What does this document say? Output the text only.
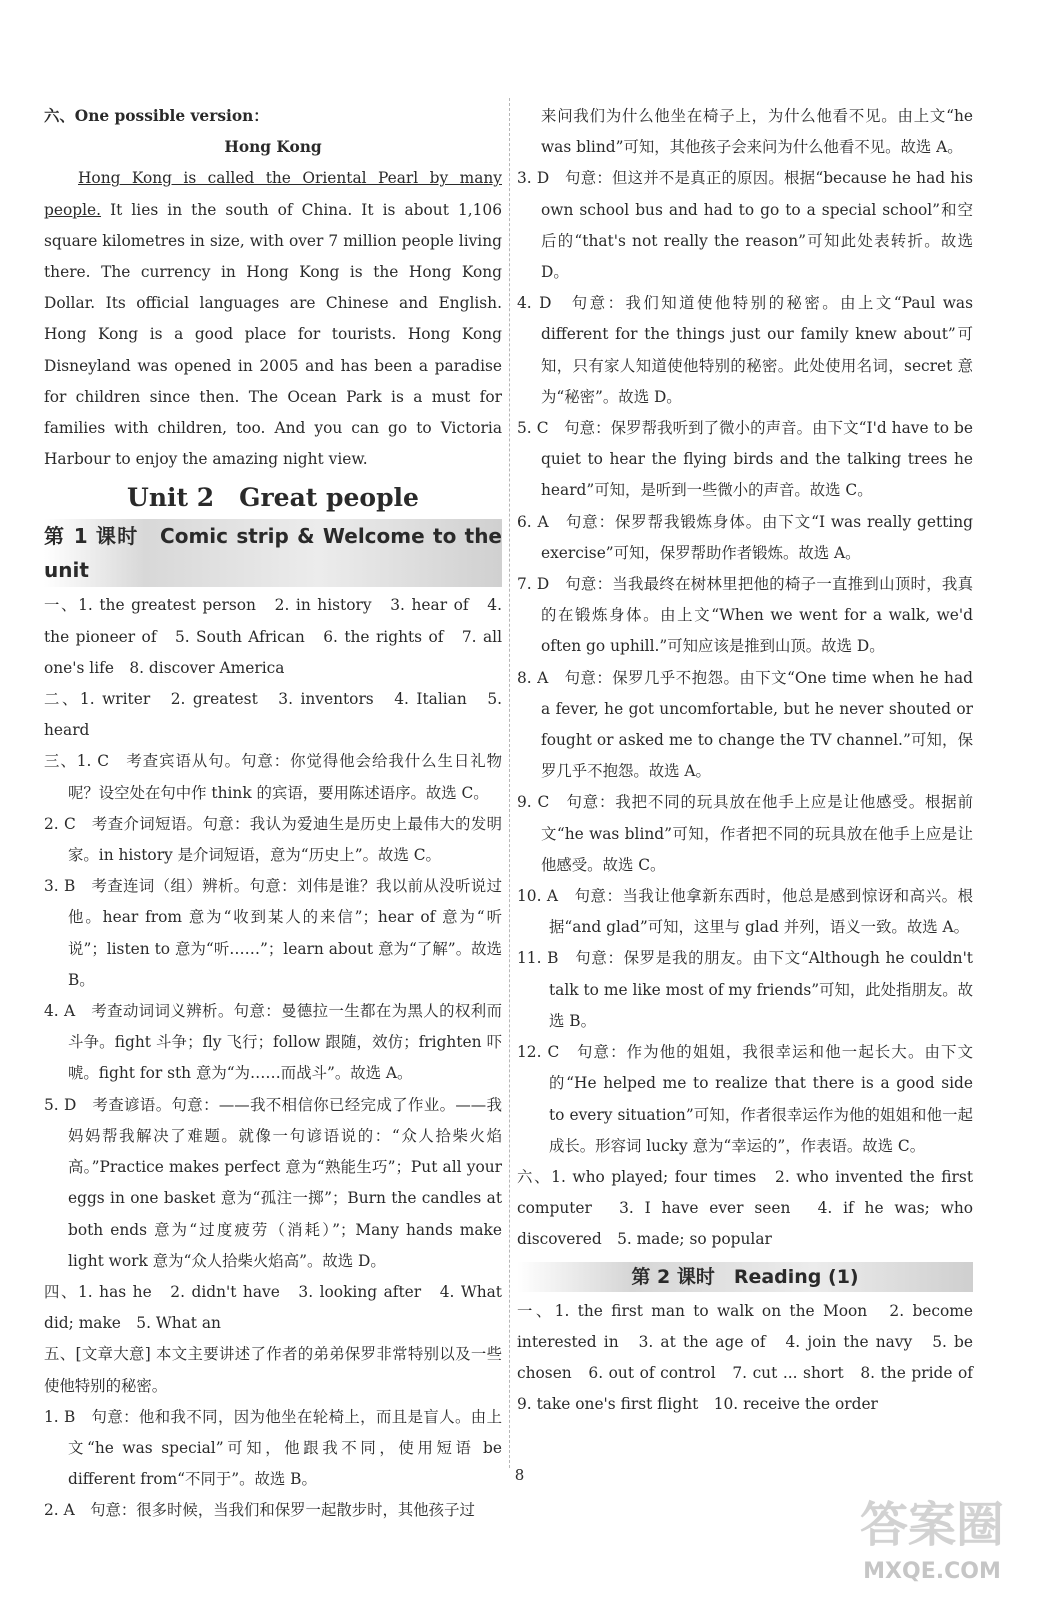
六、One possible version：

Hong Kong

Hong Kong is called the Oriental Pearl by many people. It lies in the south of China. It is about 1,106 square kilometres in size, with over 7 million people living there. The currency in Hong Kong is the Hong Kong Dollar. Its official languages are Chinese and English. Hong Kong is a good place for tourists. Hong Kong Disneyland was opened in 2005 and has been a paradise for children since then. The Ocean Park is a must for families with children, too. And you can go to Victoria Harbour to enjoy the amazing night view.

Unit 2　Great people

第 1 课时　Comic strip & Welcome to the unit

一、1. the greatest person　2. in history　3. hear of　4. the pioneer of　5. South African　6. the rights of　7. all one's life　8. discover America

二、1. writer　2. greatest　3. inventors　4. Italian　5. heard

三、1. C　考查宾语从句。句意：你觉得他会给我什么生日礼物呢？设空处在句中作 think 的宾语，要用陈述语序。故选 C。

2. C　考查介词短语。句意：我认为爱迪生是历史上最伟大的发明家。in history 是介词短语，意为“历史上”。故选 C。

3. B　考查连词（组）辨析。句意：刘伟是谁？我以前从没听说过他。hear from 意为“收到某人的来信”；hear of 意为“听说”；listen to 意为“听……”；learn about 意为“了解”。故选 B。

4. A　考查动词词义辨析。句意：曼德拉一生都在为黑人的权利而斗争。fight 斗争；fly 飞行；follow 跟随，效仿；frighten 吓唬。fight for sth 意为“为……而战斗”。故选 A。

5. D　考查谚语。句意：——我不相信你已经完成了作业。——我妈妈帮我解决了难题。就像一句谚语说的：“众人拾柴火焰高。”Practice makes perfect 意为“熟能生巧”；Put all your eggs in one basket 意为“孤注一掷”；Burn the candles at both ends 意为“过度疲劳（消耗）”；Many hands make light work 意为“众人拾柴火焰高”。故选 D。

四、1. has he　2. didn't have　3. looking after　4. What did; make　5. What an

五、[文章大意] 本文主要讲述了作者的弟弟保罗非常特别以及一些使他特别的秘密。

1. B　句意：他和我不同，因为他坐在轮椅上，而且是盲人。由上文“he was special”可知，他跟我不同，使用短语 be different from“不同于”。故选 B。

2. A　句意：很多时候，当我们和保罗一起散步时，其他孩子过

来问我们为什么他坐在椅子上，为什么他看不见。由上文“he was blind”可知，其他孩子会来问为什么他看不见。故选 A。

3. D　句意：但这并不是真正的原因。根据“because he had his own school bus and had to go to a special school”和空后的“that's not really the reason”可知此处表转折。故选 D。

4. D　句意：我们知道使他特别的秘密。由上文“Paul was different for the things just our family knew about”可知，只有家人知道使他特别的秘密。此处使用名词，secret 意为“秘密”。故选 D。

5. C　句意：保罗帮我听到了微小的声音。由下文“I'd have to be quiet to hear the flying birds and the talking trees he heard”可知，是听到一些微小的声音。故选 C。

6. A　句意：保罗帮我锻炼身体。由下文“I was really getting exercise”可知，保罗帮助作者锻炼。故选 A。

7. D　句意：当我最终在树林里把他的椅子一直推到山顶时，我真的在锻炼身体。由上文“When we went for a walk, we'd often go uphill.”可知应该是推到山顶。故选 D。

8. A　句意：保罗几乎不抱怨。由下文“One time when he had a fever, he got uncomfortable, but he never shouted or fought or asked me to change the TV channel.”可知，保罗几乎不抱怨。故选 A。

9. C　句意：我把不同的玩具放在他手上应是让他感受。根据前文“he was blind”可知，作者把不同的玩具放在他手上应是让他感受。故选 C。

10. A　句意：当我让他拿新东西时，他总是感到惊讶和高兴。根据“and glad”可知，这里与 glad 并列，语义一致。故选 A。

11. B　句意：保罗是我的朋友。由下文“Although he couldn't talk to me like most of my friends”可知，此处指朋友。故选 B。

12. C　句意：作为他的姐姐，我很幸运和他一起长大。由下文的“He helped me to realize that there is a good side to every situation”可知，作者很幸运作为他的姐姐和他一起成长。形容词 lucky 意为“幸运的”，作表语。故选 C。

六、1. who played; four times　2. who invented the first computer　3. I have ever seen　4. if he was; who discovered　5. made; so popular

第 2 课时　Reading (1)

一、1. the first man to walk on the Moon　2. become interested in　3. at the age of　4. join the navy　5. be chosen　6. out of control　7. cut ... short　8. the pride of　9. take one's first flight　10. receive the order

8
答案圈
MXQE.COM
